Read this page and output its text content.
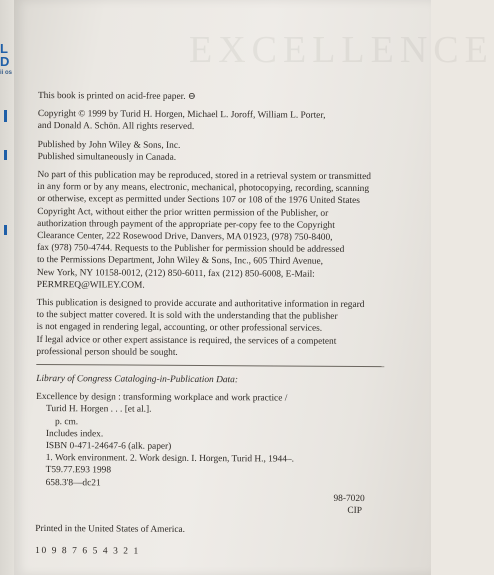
L
D
ii os
EXCELLENCE
This book is printed on acid-free paper. ⊖
Copyright © 1999 by Turid H. Horgen, Michael L. Joroff, William L. Porter,
and Donald A. Schön. All rights reserved.
Published by John Wiley & Sons, Inc.
Published simultaneously in Canada.
No part of this publication may be reproduced, stored in a retrieval system or transmitted
in any form or by any means, electronic, mechanical, photocopying, recording, scanning
or otherwise, except as permitted under Sections 107 or 108 of the 1976 United States
Copyright Act, without either the prior written permission of the Publisher, or
authorization through payment of the appropriate per-copy fee to the Copyright
Clearance Center, 222 Rosewood Drive, Danvers, MA 01923, (978) 750-8400,
fax (978) 750-4744. Requests to the Publisher for permission should be addressed
to the Permissions Department, John Wiley & Sons, Inc., 605 Third Avenue,
New York, NY 10158-0012, (212) 850-6011, fax (212) 850-6008, E-Mail:
PERMREQ@WILEY.COM.
This publication is designed to provide accurate and authoritative information in regard
to the subject matter covered. It is sold with the understanding that the publisher
is not engaged in rendering legal, accounting, or other professional services.
If legal advice or other expert assistance is required, the services of a competent
professional person should be sought.
Library of Congress Cataloging-in-Publication Data:
Excellence by design : transforming workplace and work practice /
Turid H. Horgen . . . [et al.].
p. cm.
Includes index.
ISBN 0-471-24647-6 (alk. paper)
1. Work environment. 2. Work design. I. Horgen, Turid H., 1944–.
T59.77.E93 1998
658.3'8—dc21
98-7020
CIP
Printed in the United States of America.
10 9 8 7 6 5 4 3 2 1
